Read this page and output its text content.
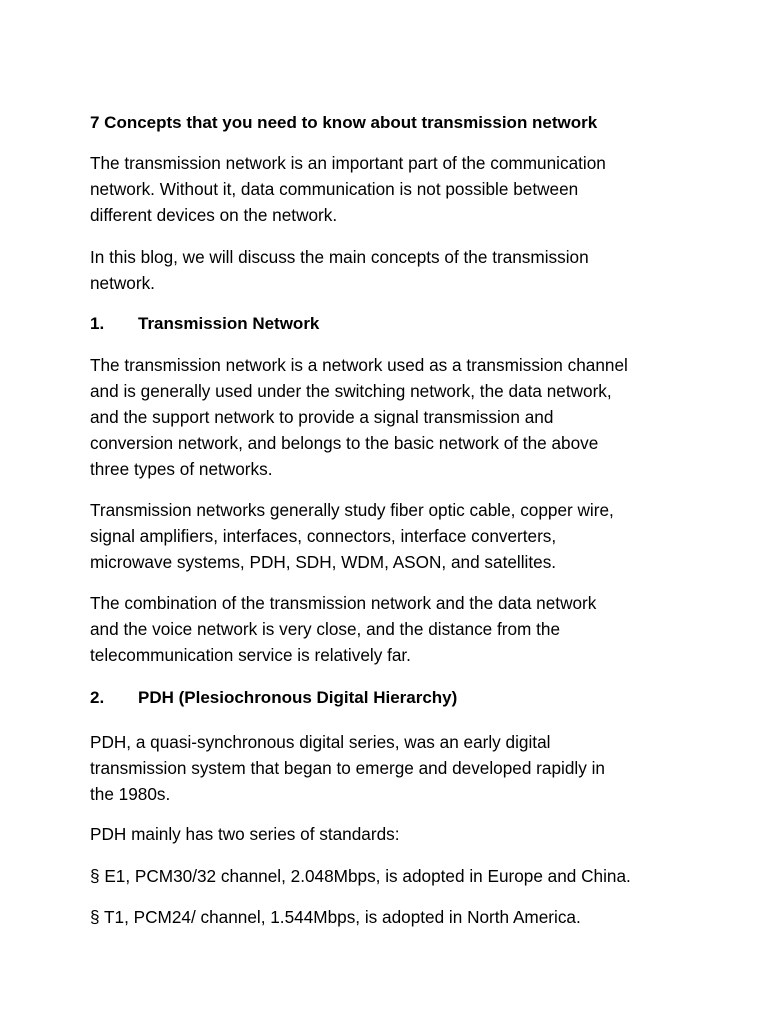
7 Concepts that you need to know about transmission network

The transmission network is an important part of the communication
network. Without it, data communication is not possible between
different devices on the network.

In this blog, we will discuss the main concepts of the transmission
network.

1. Transmission Network

The transmission network is a network used as a transmission channel
and is generally used under the switching network, the data network,
and the support network to provide a signal transmission and
conversion network, and belongs to the basic network of the above
three types of networks.

Transmission networks generally study fiber optic cable, copper wire,
signal amplifiers, interfaces, connectors, interface converters,
microwave systems, PDH, SDH, WDM, ASON, and satellites.

The combination of the transmission network and the data network
and the voice network is very close, and the distance from the
telecommunication service is relatively far.

2. PDH (Plesiochronous Digital Hierarchy)

PDH, a quasi-synchronous digital series, was an early digital
transmission system that began to emerge and developed rapidly in
the 1980s.

PDH mainly has two series of standards:

§ E1, PCM30/32 channel, 2.048Mbps, is adopted in Europe and China.

§ T1, PCM24/ channel, 1.544Mbps, is adopted in North America.
